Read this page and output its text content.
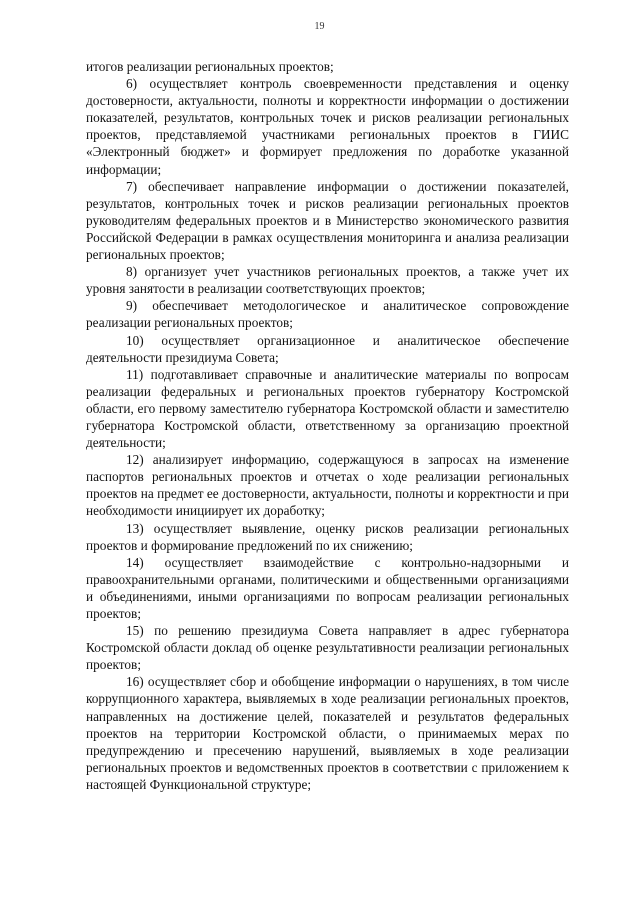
19

итогов реализации региональных проектов;

6) осуществляет контроль своевременности представления и оценку достоверности, актуальности, полноты и корректности информации о достижении показателей, результатов, контрольных точек и рисков реализации региональных проектов, представляемой участниками региональных проектов в ГИИС «Электронный бюджет» и формирует предложения по доработке указанной информации;

7) обеспечивает направление информации о достижении показателей, результатов, контрольных точек и рисков реализации региональных проектов руководителям федеральных проектов и в Министерство экономического развития Российской Федерации в рамках осуществления мониторинга и анализа реализации региональных проектов;

8) организует учет участников региональных проектов, а также учет их уровня занятости в реализации соответствующих проектов;

9) обеспечивает методологическое и аналитическое сопровождение реализации региональных проектов;

10) осуществляет организационное и аналитическое обеспечение деятельности президиума Совета;

11) подготавливает справочные и аналитические материалы по вопросам реализации федеральных и региональных проектов губернатору Костромской области, его первому заместителю губернатора Костромской области и заместителю губернатора Костромской области, ответственному за организацию проектной деятельности;

12) анализирует информацию, содержащуюся в запросах на изменение паспортов региональных проектов и отчетах о ходе реализации региональных проектов на предмет ее достоверности, актуальности, полноты и корректности и при необходимости инициирует их доработку;

13) осуществляет выявление, оценку рисков реализации региональных проектов и формирование предложений по их снижению;

14) осуществляет взаимодействие с контрольно-надзорными и правоохранительными органами, политическими и общественными организациями и объединениями, иными организациями по вопросам реализации региональных проектов;

15) по решению президиума Совета направляет в адрес губернатора Костромской области доклад об оценке результативности реализации региональных проектов;

16) осуществляет сбор и обобщение информации о нарушениях, в том числе коррупционного характера, выявляемых в ходе реализации региональных проектов, направленных на достижение целей, показателей и результатов федеральных проектов на территории Костромской области, о принимаемых мерах по предупреждению и пресечению нарушений, выявляемых в ходе реализации региональных проектов и ведомственных проектов в соответствии с приложением к настоящей Функциональной структуре;
